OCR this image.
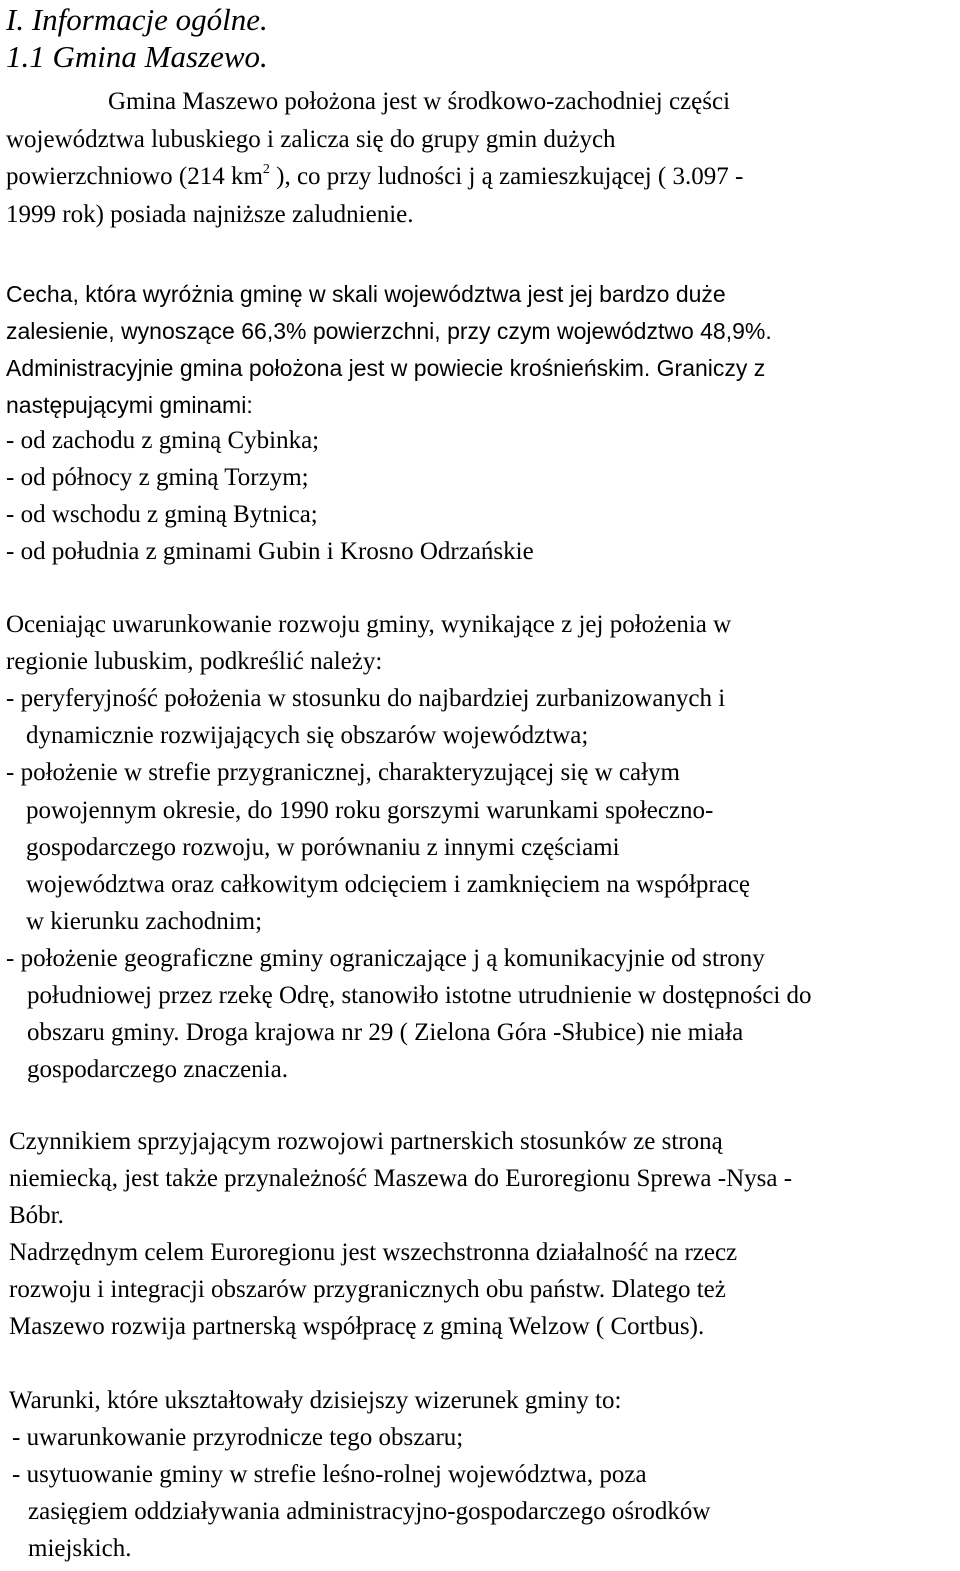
I. Informacje ogólne.
1.1 Gmina Maszewo.
Gmina Maszewo położona jest w środkowo-zachodniej części
województwa lubuskiego i zalicza się do grupy gmin dużych
powierzchniowo (214 $km^2$ ), co przy ludności j ą zamieszkującej ( 3.097 -
1999 rok) posiada najniższe zaludnienie.
Cecha, która wyróżnia gminę w skali województwa jest jej bardzo duże
zalesienie, wynoszące 66,3% powierzchni, przy czym województwo 48,9%.
Administracyjnie gmina położona jest w powiecie krośnieńskim. Graniczy z
następującymi gminami:
- od zachodu z gminą Cybinka;
- od północy z gminą Torzym;
- od wschodu z gminą Bytnica;
- od południa z gminami Gubin i Krosno Odrzańskie
Oceniając uwarunkowanie rozwoju gminy, wynikające z jej położenia w
regionie lubuskim, podkreślić należy:
- peryferyjność położenia w stosunku do najbardziej zurbanizowanych i
dynamicznie rozwijających się obszarów województwa;
- położenie w strefie przygranicznej, charakteryzującej się w całym
powojennym okresie, do 1990 roku gorszymi warunkami społeczno-
gospodarczego rozwoju, w porównaniu z innymi częściami
województwa oraz całkowitym odcięciem i zamknięciem na współpracę
w kierunku zachodnim;
- położenie geograficzne gminy ograniczające j ą komunikacyjnie od strony
południowej przez rzekę Odrę, stanowiło istotne utrudnienie w dostępności do
obszaru gminy. Droga krajowa nr 29 ( Zielona Góra -Słubice) nie miała
gospodarczego znaczenia.
Czynnikiem sprzyjającym rozwojowi partnerskich stosunków ze stroną
niemiecką, jest także przynależność Maszewa do Euroregionu Sprewa -Nysa -
Bóbr.
Nadrzędnym celem Euroregionu jest wszechstronna działalność na rzecz
rozwoju i integracji obszarów przygranicznych obu państw. Dlatego też
Maszewo rozwija partnerską współpracę z gminą Welzow ( Cortbus).
Warunki, które ukształtowały dzisiejszy wizerunek gminy to:
- uwarunkowanie przyrodnicze tego obszaru;
- usytuowanie gminy w strefie leśno-rolnej województwa, poza
zasięgiem oddziaływania administracyjno-gospodarczego ośrodków
miejskich.
